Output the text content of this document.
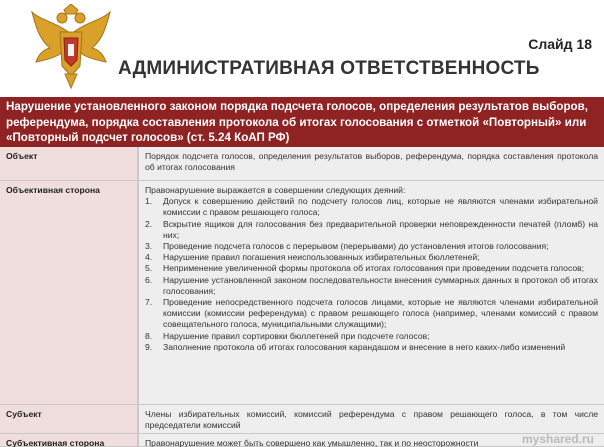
Слайд 18
АДМИНИСТРАТИВНАЯ ОТВЕТСТВЕННОСТЬ
Нарушение установленного законом порядка подсчета голосов, определения результатов выборов, референдума, порядка составления протокола об итогах голосования с отметкой «Повторный» или «Повторный подсчет голосов» (ст. 5.24 КоАП РФ)
Объект	Порядок подсчета голосов, определения результатов выборов, референдума, порядка составления протокола об итогах голосования
Объективная сторона	Правонарушение выражается в совершении следующих деяний:
1.	Допуск к совершению действий по подсчету голосов лиц, которые не являются членами избирательной комиссии с правом решающего голоса;
2.	Вскрытие ящиков для голосования без предварительной проверки неповрежденности печатей (пломб) на них;
3.	Проведение подсчета голосов с перерывом (перерывами) до установления итогов голосования;
4.	Нарушение правил погашения неиспользованных избирательных бюллетеней;
5.	Неприменение увеличенной формы протокола об итогах голосования при проведении подсчета голосов;
6.	Нарушение установленной законом последовательности внесения суммарных данных в протокол об итогах голосования;
7.	Проведение непосредственного подсчета голосов лицами, которые не являются членами избирательной комиссии (комиссии референдума) с правом решающего голоса (например, членами комиссий с правом совещательного голоса, муниципальными служащими);
8.	Нарушение правил сортировки бюллетеней при подсчете голосов;
9.	Заполнение протокола об итогах голосования карандашом и внесение в него каких-либо изменений
Субъект	Члены избирательных комиссий, комиссий референдума с правом решающего голоса, в том числе председатели комиссий
Субъективная сторона	Правонарушение может быть совершено как умышленно, так и по неосторожности	myshared.ru
